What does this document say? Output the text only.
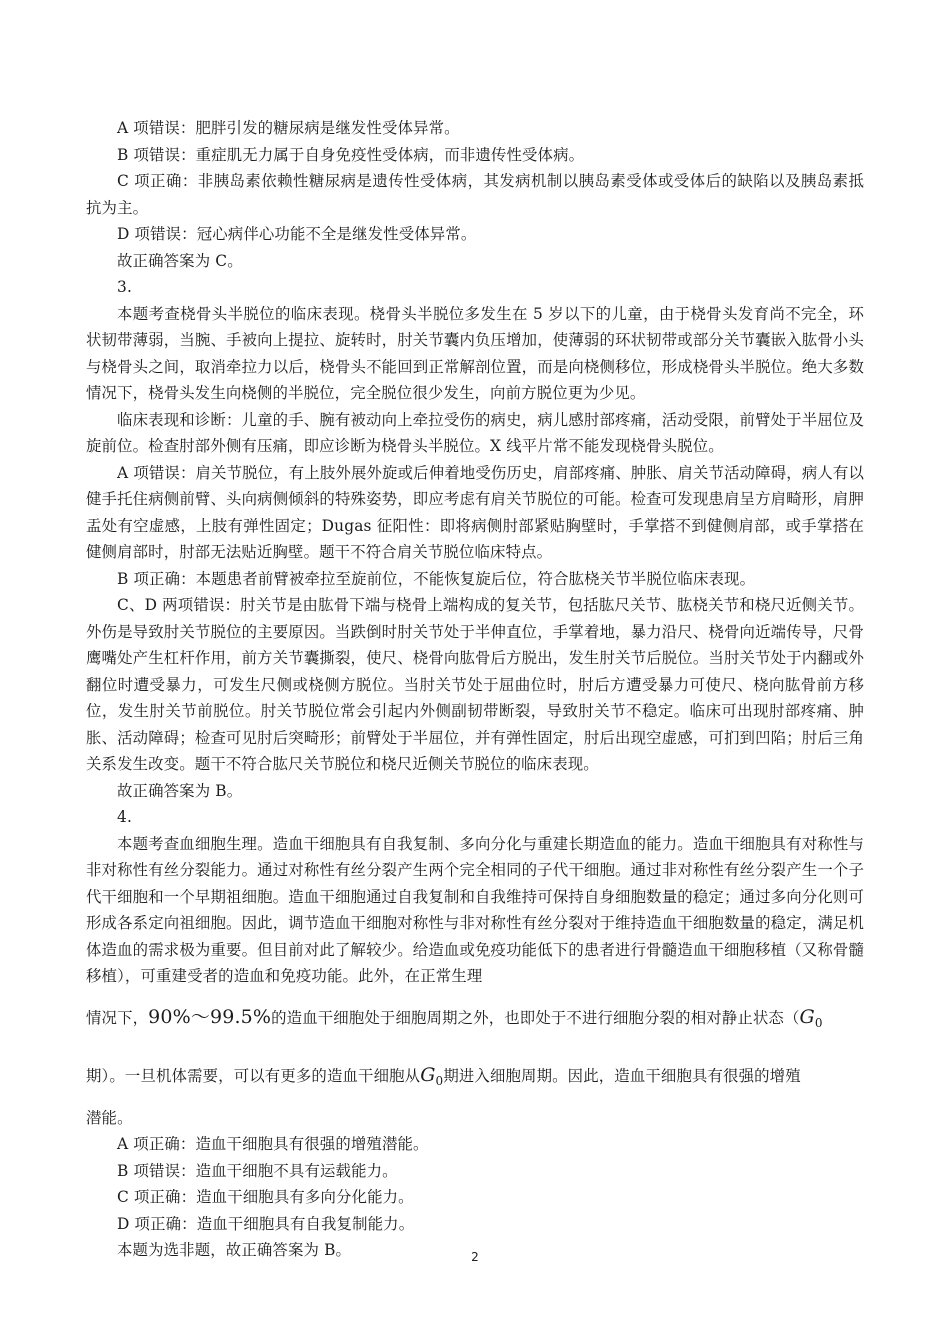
A 项错误：肥胖引发的糖尿病是继发性受体异常。

B 项错误：重症肌无力属于自身免疫性受体病，而非遗传性受体病。

C 项正确：非胰岛素依赖性糖尿病是遗传性受体病，其发病机制以胰岛素受体或受体后的缺陷以及胰岛素抵抗为主。

D 项错误：冠心病伴心功能不全是继发性受体异常。

故正确答案为 C。

3.

本题考查桡骨头半脱位的临床表现。桡骨头半脱位多发生在 5 岁以下的儿童，由于桡骨头发育尚不完全，环状韧带薄弱，当腕、手被向上提拉、旋转时，肘关节囊内负压增加，使薄弱的环状韧带或部分关节囊嵌入肱骨小头与桡骨头之间，取消牵拉力以后，桡骨头不能回到正常解剖位置，而是向桡侧移位，形成桡骨头半脱位。绝大多数情况下，桡骨头发生向桡侧的半脱位，完全脱位很少发生，向前方脱位更为少见。

临床表现和诊断：儿童的手、腕有被动向上牵拉受伤的病史，病儿感肘部疼痛，活动受限，前臂处于半屈位及旋前位。检查肘部外侧有压痛，即应诊断为桡骨头半脱位。X 线平片常不能发现桡骨头脱位。

A 项错误：肩关节脱位，有上肢外展外旋或后伸着地受伤历史，肩部疼痛、肿胀、肩关节活动障碍，病人有以健手托住病侧前臂、头向病侧倾斜的特殊姿势，即应考虑有肩关节脱位的可能。检查可发现患肩呈方肩畸形，肩胛盂处有空虚感，上肢有弹性固定；Dugas 征阳性：即将病侧肘部紧贴胸壁时，手掌搭不到健侧肩部，或手掌搭在健侧肩部时，肘部无法贴近胸壁。题干不符合肩关节脱位临床特点。

B 项正确：本题患者前臂被牵拉至旋前位，不能恢复旋后位，符合肱桡关节半脱位临床表现。

C、D 两项错误：肘关节是由肱骨下端与桡骨上端构成的复关节，包括肱尺关节、肱桡关节和桡尺近侧关节。外伤是导致肘关节脱位的主要原因。当跌倒时肘关节处于半伸直位，手掌着地，暴力沿尺、桡骨向近端传导，尺骨鹰嘴处产生杠杆作用，前方关节囊撕裂，使尺、桡骨向肱骨后方脱出，发生肘关节后脱位。当肘关节处于内翻或外翻位时遭受暴力，可发生尺侧或桡侧方脱位。当肘关节处于屈曲位时，肘后方遭受暴力可使尺、桡向肱骨前方移位，发生肘关节前脱位。肘关节脱位常会引起内外侧副韧带断裂，导致肘关节不稳定。临床可出现肘部疼痛、肿胀、活动障碍；检查可见肘后突畸形；前臂处于半屈位，并有弹性固定，肘后出现空虚感，可扪到凹陷；肘后三角关系发生改变。题干不符合肱尺关节脱位和桡尺近侧关节脱位的临床表现。

故正确答案为 B。

4.

本题考查血细胞生理。造血干细胞具有自我复制、多向分化与重建长期造血的能力。造血干细胞具有对称性与非对称性有丝分裂能力。通过对称性有丝分裂产生两个完全相同的子代干细胞。通过非对称性有丝分裂产生一个子代干细胞和一个早期祖细胞。造血干细胞通过自我复制和自我维持可保持自身细胞数量的稳定；通过多向分化则可形成各系定向祖细胞。因此，调节造血干细胞对称性与非对称性有丝分裂对于维持造血干细胞数量的稳定，满足机体造血的需求极为重要。但目前对此了解较少。给造血或免疫功能低下的患者进行骨髓造血干细胞移植（又称骨髓移植），可重建受者的造血和免疫功能。此外，在正常生理

情况下，90%～99.5%的造血干细胞处于细胞周期之外，也即处于不进行细胞分裂的相对静止状态（$G_0$

期）。一旦机体需要，可以有更多的造血干细胞从$G_0$期进入细胞周期。因此，造血干细胞具有很强的增殖

潜能。

A 项正确：造血干细胞具有很强的增殖潜能。

B 项错误：造血干细胞不具有运载能力。

C 项正确：造血干细胞具有多向分化能力。

D 项正确：造血干细胞具有自我复制能力。

本题为选非题，故正确答案为 B。	2
